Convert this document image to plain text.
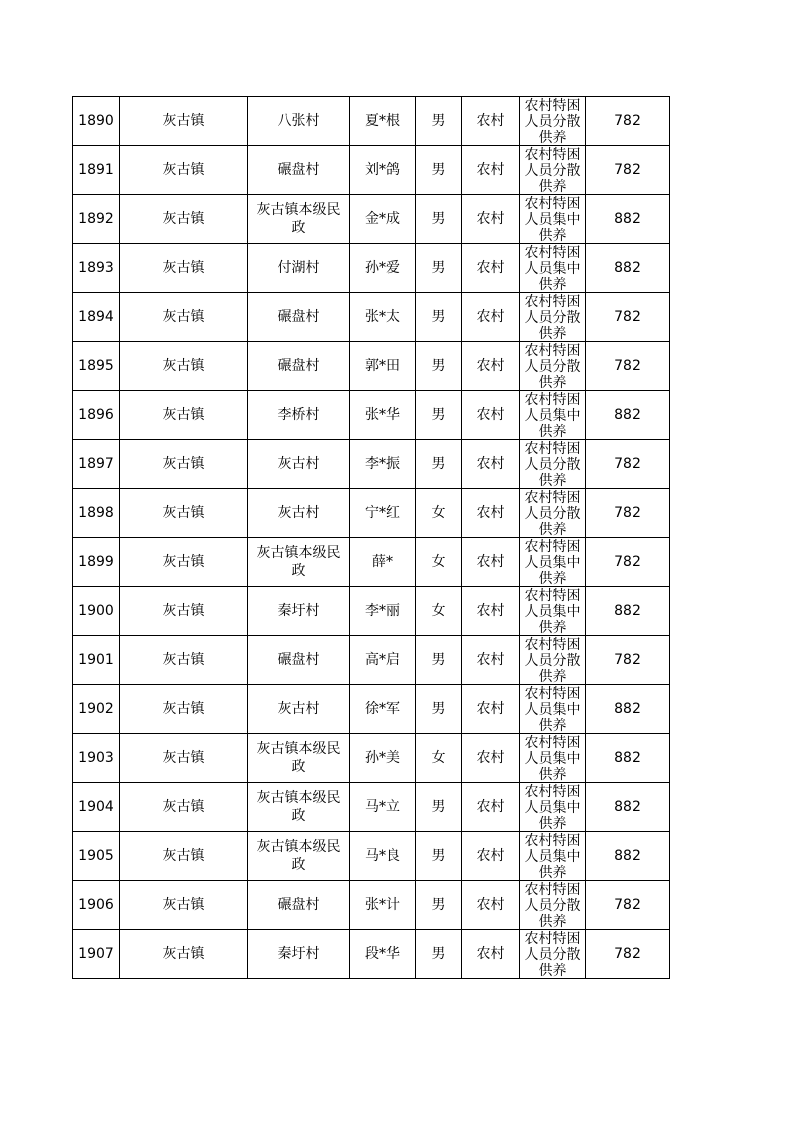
1890	灰古镇	八张村	夏*根	男	农村	农村特困人员分散供养	782
1891	灰古镇	碾盘村	刘*鸽	男	农村	农村特困人员分散供养	782
1892	灰古镇	灰古镇本级民政	金*成	男	农村	农村特困人员集中供养	882
1893	灰古镇	付湖村	孙*爱	男	农村	农村特困人员集中供养	882
1894	灰古镇	碾盘村	张*太	男	农村	农村特困人员分散供养	782
1895	灰古镇	碾盘村	郭*田	男	农村	农村特困人员分散供养	782
1896	灰古镇	李桥村	张*华	男	农村	农村特困人员集中供养	882
1897	灰古镇	灰古村	李*振	男	农村	农村特困人员分散供养	782
1898	灰古镇	灰古村	宁*红	女	农村	农村特困人员分散供养	782
1899	灰古镇	灰古镇本级民政	薛*	女	农村	农村特困人员集中供养	782
1900	灰古镇	秦圩村	李*丽	女	农村	农村特困人员集中供养	882
1901	灰古镇	碾盘村	高*启	男	农村	农村特困人员分散供养	782
1902	灰古镇	灰古村	徐*军	男	农村	农村特困人员集中供养	882
1903	灰古镇	灰古镇本级民政	孙*美	女	农村	农村特困人员集中供养	882
1904	灰古镇	灰古镇本级民政	马*立	男	农村	农村特困人员集中供养	882
1905	灰古镇	灰古镇本级民政	马*良	男	农村	农村特困人员集中供养	882
1906	灰古镇	碾盘村	张*计	男	农村	农村特困人员分散供养	782
1907	灰古镇	秦圩村	段*华	男	农村	农村特困人员分散供养	782
